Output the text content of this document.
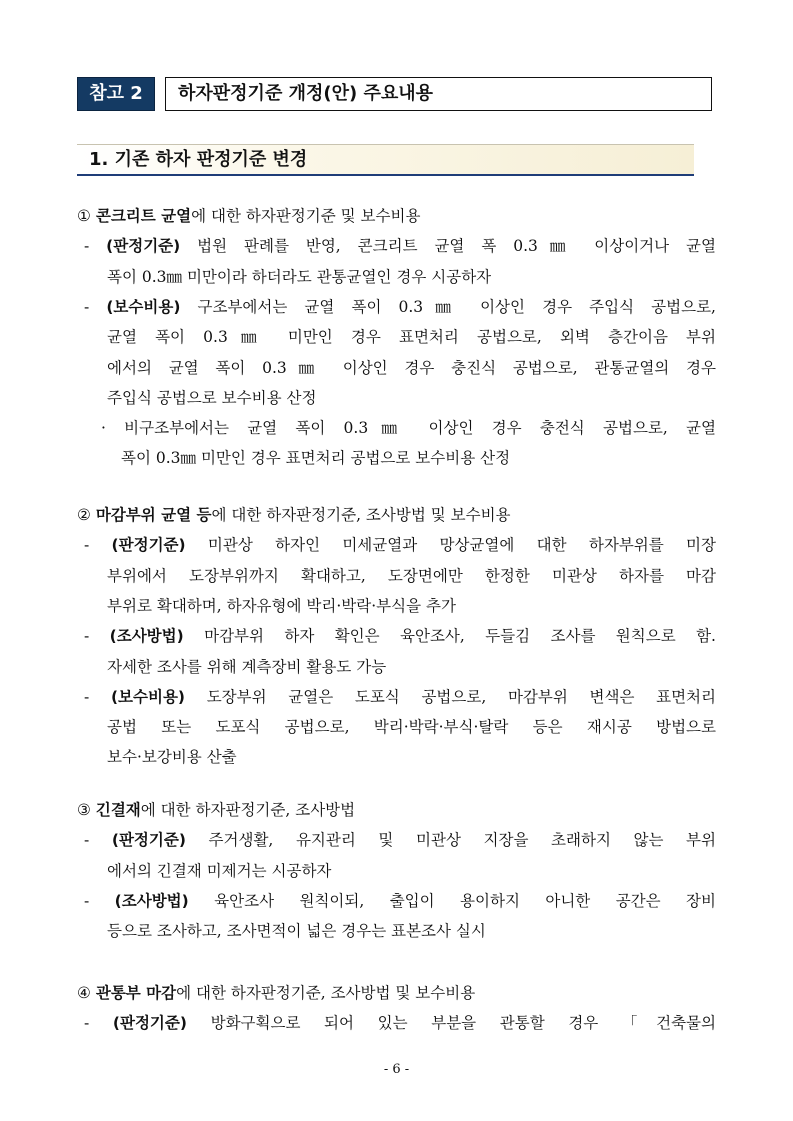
참고 2	하자판정기준 개정(안) 주요내용
1. 기존 하자 판정기준 변경
① 콘크리트 균열에 대한 하자판정기준 및 보수비용
- (판정기준) 법원 판례를 반영, 콘크리트 균열 폭 0.3㎜ 이상이거나 균열
폭이 0.3㎜ 미만이라 하더라도 관통균열인 경우 시공하자
- (보수비용) 구조부에서는 균열 폭이 0.3㎜ 이상인 경우 주입식 공법으로,
균열 폭이 0.3㎜ 미만인 경우 표면처리 공법으로, 외벽 층간이음 부위
에서의 균열 폭이 0.3㎜ 이상인 경우 충진식 공법으로, 관통균열의 경우
주입식 공법으로 보수비용 산정
· 비구조부에서는 균열 폭이 0.3㎜ 이상인 경우 충전식 공법으로, 균열
폭이 0.3㎜ 미만인 경우 표면처리 공법으로 보수비용 산정
② 마감부위 균열 등에 대한 하자판정기준, 조사방법 및 보수비용
- (판정기준) 미관상 하자인 미세균열과 망상균열에 대한 하자부위를 미장
부위에서 도장부위까지 확대하고, 도장면에만 한정한 미관상 하자를 마감
부위로 확대하며, 하자유형에 박리·박락·부식을 추가
- (조사방법) 마감부위 하자 확인은 육안조사, 두들김 조사를 원칙으로 함.
자세한 조사를 위해 계측장비 활용도 가능
- (보수비용) 도장부위 균열은 도포식 공법으로, 마감부위 변색은 표면처리
공법 또는 도포식 공법으로, 박리·박락·부식·탈락 등은 재시공 방법으로
보수·보강비용 산출
③ 긴결재에 대한 하자판정기준, 조사방법
- (판정기준) 주거생활, 유지관리 및 미관상 지장을 초래하지 않는 부위
에서의 긴결재 미제거는 시공하자
- (조사방법) 육안조사 원칙이되, 출입이 용이하지 아니한 공간은 장비
등으로 조사하고, 조사면적이 넓은 경우는 표본조사 실시
④ 관통부 마감에 대한 하자판정기준, 조사방법 및 보수비용
- (판정기준) 방화구획으로 되어 있는 부분을 관통할 경우 「건축물의
- 6 -
